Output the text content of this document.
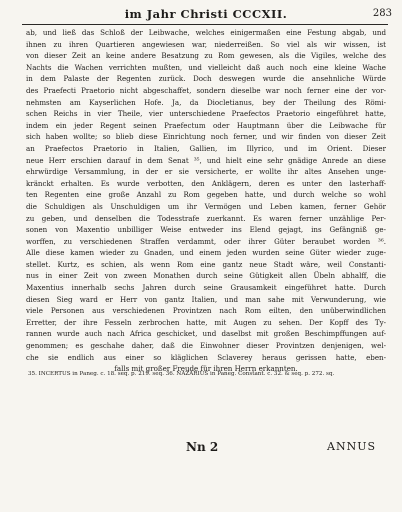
im Jahr Christi CCCXII.	283
ab, und ließ das Schloß der Leibwache, welches einigermaßen eine Festung abgab, und
ihnen zu ihren Quartieren angewiesen war, niederreißen. So viel als wir wissen, ist
von dieser Zeit an keine andere Besatzung zu Rom gewesen, als die Vigiles, welche des
Nachts die Wachen verrichten mußten, und vielleicht daß auch noch eine kleine Wache
in dem Palaste der Regenten zurück. Doch deswegen wurde die ansehnliche Würde
des Praefecti Praetorio nicht abgeschaffet, sondern dieselbe war noch ferner eine der vor-
nehmsten am Kayserlichen Hofe. Ja, da Diocletianus, bey der Theilung des Römi-
schen Reichs in vier Theile, vier unterschiedene Praefectos Praetorio eingeführet hatte,
indem ein jeder Regent seinen Praefectum oder Hauptmann über die Leibwache für
sich haben wollte; so blieb diese Einrichtung noch ferner, und wir finden von dieser Zeit
an Praefectos Praetorio in Italien, Gallien, im Illyrico, und im Orient. Dieser
neue Herr erschien darauf in dem Senat ³⁵, und hielt eine sehr gnädige Anrede an diese
ehrwürdige Versammlung, in der er sie versicherte, er wollte ihr altes Ansehen unge-
kränckt erhalten. Es wurde verbotten, den Anklägern, deren es unter den lasterhaff-
ten Regenten eine große Anzahl zu Rom gegeben hatte, und durch welche so wohl
die Schuldigen als Unschuldigen um ihr Vermögen und Leben kamen, ferner Gehör
zu geben, und denselben die Todesstrafe zuerkannt. Es waren ferner unzählige Per-
sonen von Maxentio unbilliger Weise entweder ins Elend gejagt, ins Gefängniß ge-
worffen, zu verschiedenen Straffen verdammt, oder ihrer Güter beraubet worden ³⁶.
Alle diese kamen wieder zu Gnaden, und einem jeden wurden seine Güter wieder zuge-
stellet. Kurtz, es schien, als wenn Rom eine gantz neue Stadt wäre, weil Constanti-
nus in einer Zeit von zween Monathen durch seine Gütigkeit allen Übeln abhalff, die
Maxentius innerhalb sechs Jahren durch seine Grausamkeit eingeführet hatte. Durch
diesen Sieg ward er Herr von gantz Italien, und man sahe mit Verwunderung, wie
viele Personen aus verschiedenen Provintzen nach Rom eilten, den unüberwindlichen
Erretter, der ihre Fesseln zerbrochen hatte, mit Augen zu sehen. Der Kopff des Ty-
rannen wurde auch nach Africa geschicket, und daselbst mit großen Beschimpffungen auf-
genommen; es geschahe daher, daß die Einwohner dieser Provintzen denjenigen, wel-
che sie endlich aus einer so kläglichen Sclaverey heraus gerissen hatte, eben-
falls mit großer Freude für ihren Herrn erkannten.
35. INCERTUS in Paneg. c. 18. seq. p. 219. seq. 36. NAZARIUS in Paneg. Constant. c. 32. & seq. p. 272. sq.
Nn 2	ANNUS
